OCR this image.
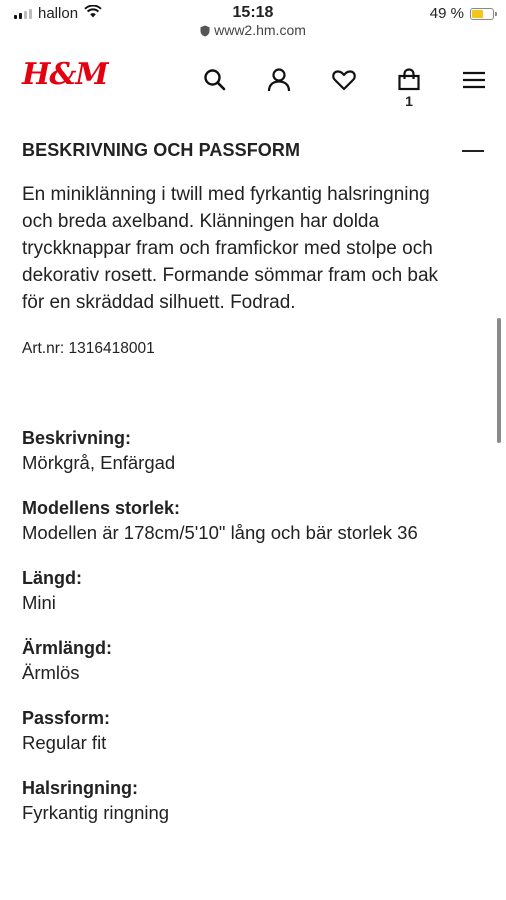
hallon	15:18	49 %
www2.hm.com
H&M
1
BESKRIVNING OCH PASSFORM
En miniklänning i twill med fyrkantig halsringning
och breda axelband. Klänningen har dolda
tryckknappar fram och framfickor med stolpe och
dekorativ rosett. Formande sömmar fram och bak
för en skräddad silhuett. Fodrad.
Art.nr: 1316418001
Beskrivning:
Mörkgrå, Enfärgad
Modellens storlek:
Modellen är 178cm/5'10" lång och bär storlek 36
Längd:
Mini
Ärmlängd:
Ärmlös
Passform:
Regular fit
Halsringning:
Fyrkantig ringning
